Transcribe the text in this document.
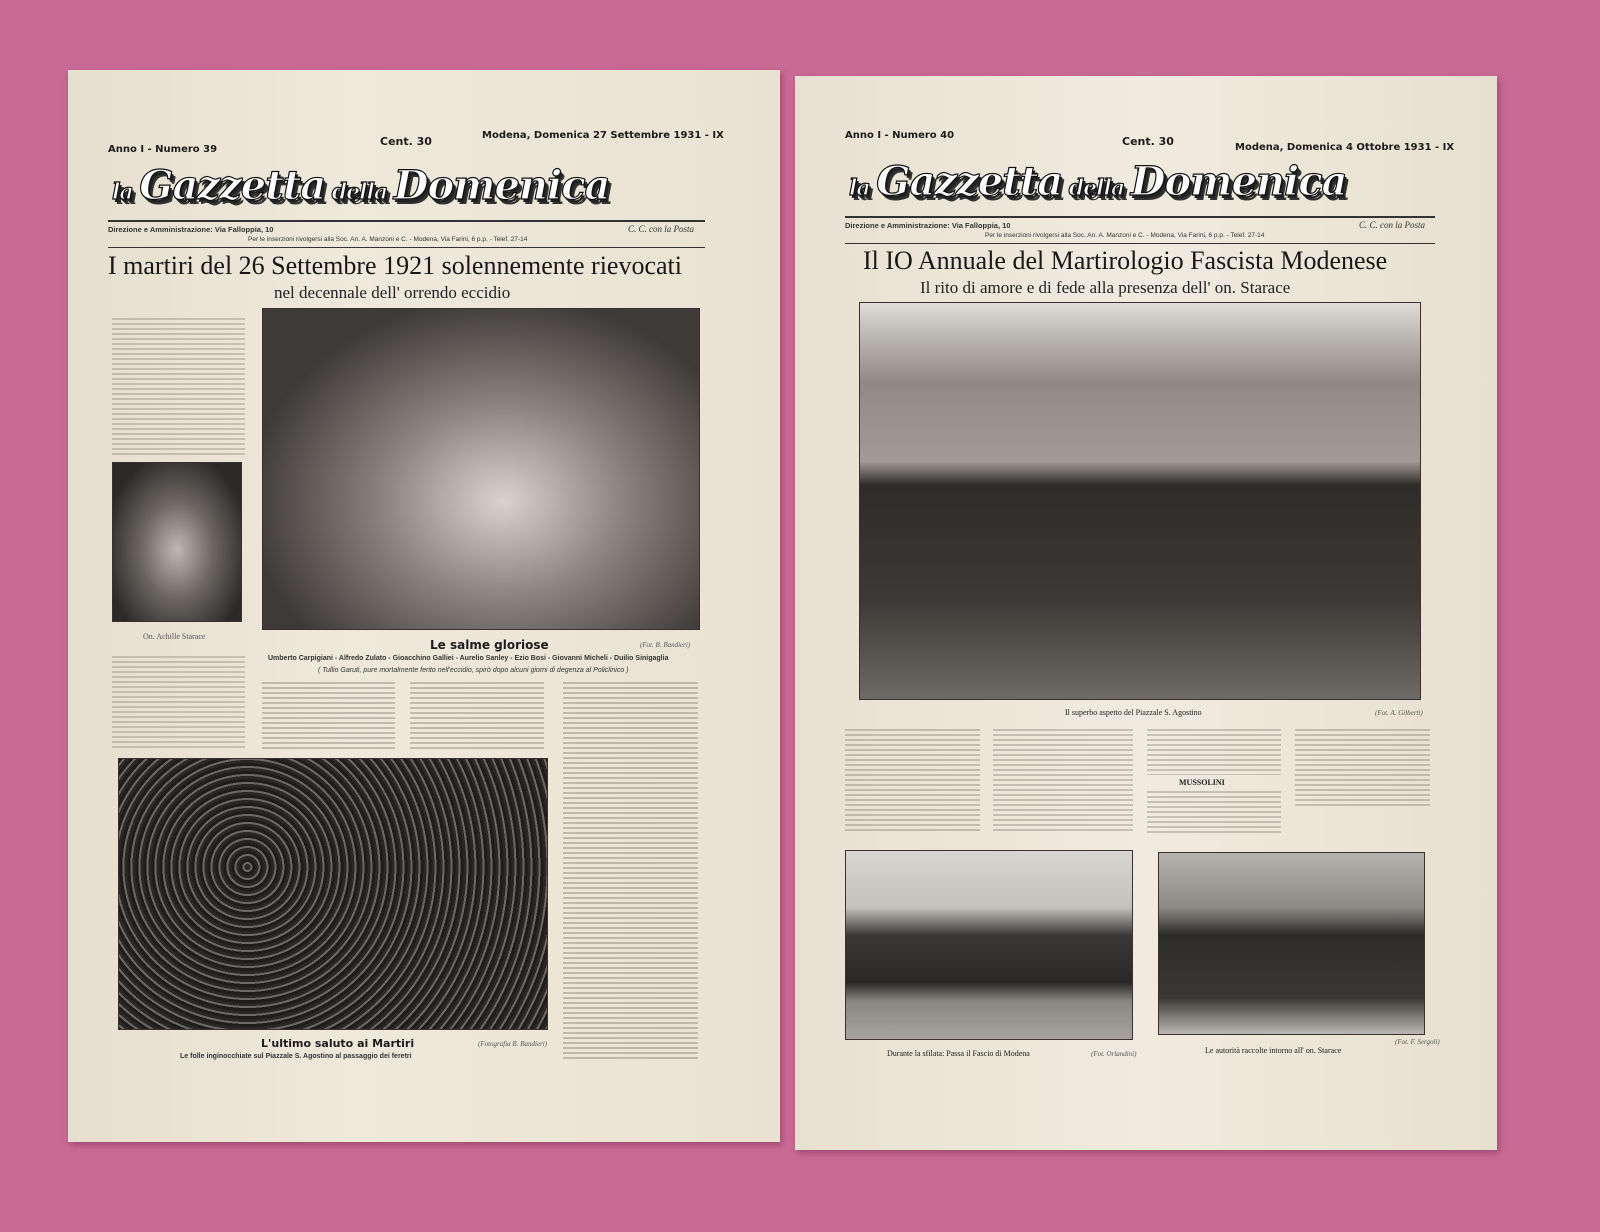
Anno I - Numero 39
Cent. 30	Modena, Domenica 27 Settembre 1931 - IX
la Gazzetta della Domenica
Direzione e Amministrazione: Via Falloppia, 10	C. C. con la Posta
Per le inserzioni rivolgersi alla Soc. An. A. Manzoni e C. - Modena, Via Farini, 6 p.p. - Telef. 27-14
I martiri del 26 Settembre 1921 solennemente rievocati
nel decennale dell' orrendo eccidio
On. Achille Starace
Le salme gloriose	(Fot. B. Bandieri)
Umberto Carpigiani - Alfredo Zulato - Gioacchino Galliei - Aurelio Sanley - Ezio Bosi - Giovanni Micheli - Duilio Sinigaglia
( Tullio Garuti, pure mortalmente ferito nell'eccidio, spirò dopo alcuni giorni di degenza al Policlinico )
L'ultimo saluto ai Martiri	(Fotografia B. Bandieri)
Le folle inginocchiate sul Piazzale S. Agostino al passaggio dei feretri
Anno I - Numero 40	Cent. 30	Modena, Domenica 4 Ottobre 1931 - IX
la Gazzetta della Domenica
Direzione e Amministrazione: Via Falloppia, 10	C. C. con la Posta
Per le inserzioni rivolgersi alla Soc. An. A. Manzoni e C. - Modena, Via Farini, 6 p.p. - Telef. 27-14
Il IO Annuale del Martirologio Fascista Modenese
Il rito di amore e di fede alla presenza dell' on. Starace
Il superbo aspetto del Piazzale S. Agostino	(Fot. A. Gilberti)
MUSSOLINI
Durante la sfilata: Passa il Fascio di Modena	(Fot. Orlandini)	Le autorità raccolte intorno all' on. Starace
(Fot. F. Sergoli)
